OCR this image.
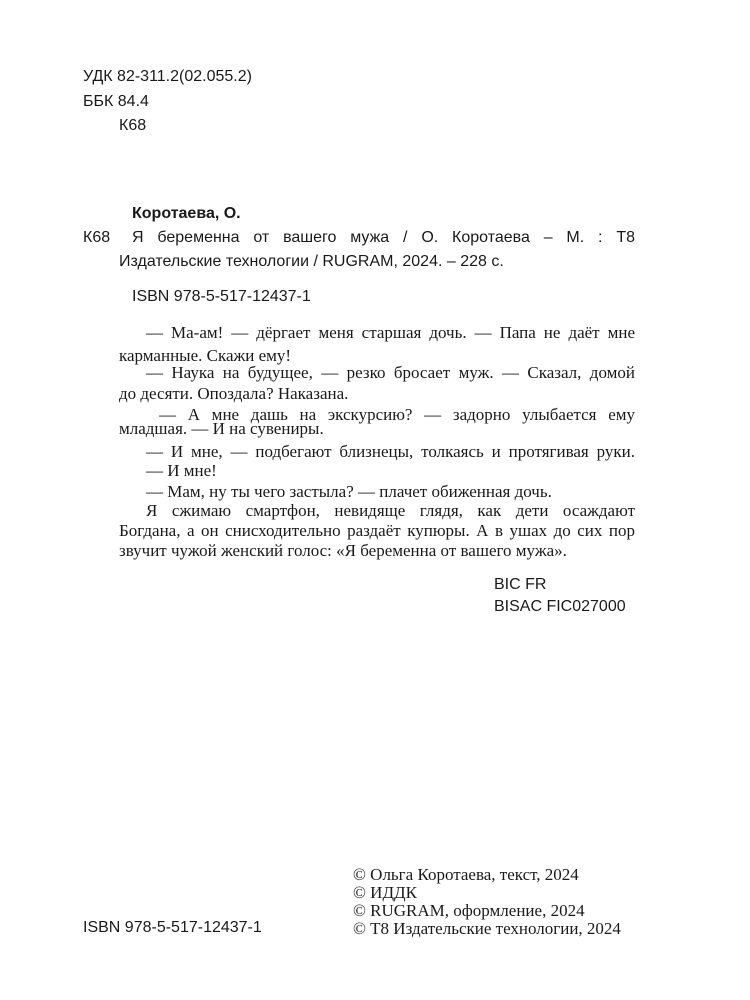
УДК 82-311.2(02.055.2)
ББК 84.4
К68
Коротаева, О.
К68 Я беременна от вашего мужа / О. Коротаева – М. : Т8
Издательские технологии / RUGRAM, 2024. – 228 с.
ISBN 978-5-517-12437-1
— Ма-ам! — дёргает меня старшая дочь. — Папа не даёт мне
карманные. Скажи ему!
— Наука на будущее, — резко бросает муж. — Сказал, домой
до десяти. Опоздала? Наказана.
— А мне дашь на экскурсию? — задорно улыбается ему
младшая. — И на сувениры.
— И мне, — подбегают близнецы, толкаясь и протягивая руки.
— И мне!
— Мам, ну ты чего застыла? — плачет обиженная дочь.
Я сжимаю смартфон, невидяще глядя, как дети осаждают
Богдана, а он снисходительно раздаёт купюры. А в ушах до сих пор
звучит чужой женский голос: «Я беременна от вашего мужа».
BIC FR
BISAC FIC027000
ISBN 978-5-517-12437-1
© Ольга Коротаева, текст, 2024
© ИДДК
© RUGRAM, оформление, 2024
© Т8 Издательские технологии, 2024
